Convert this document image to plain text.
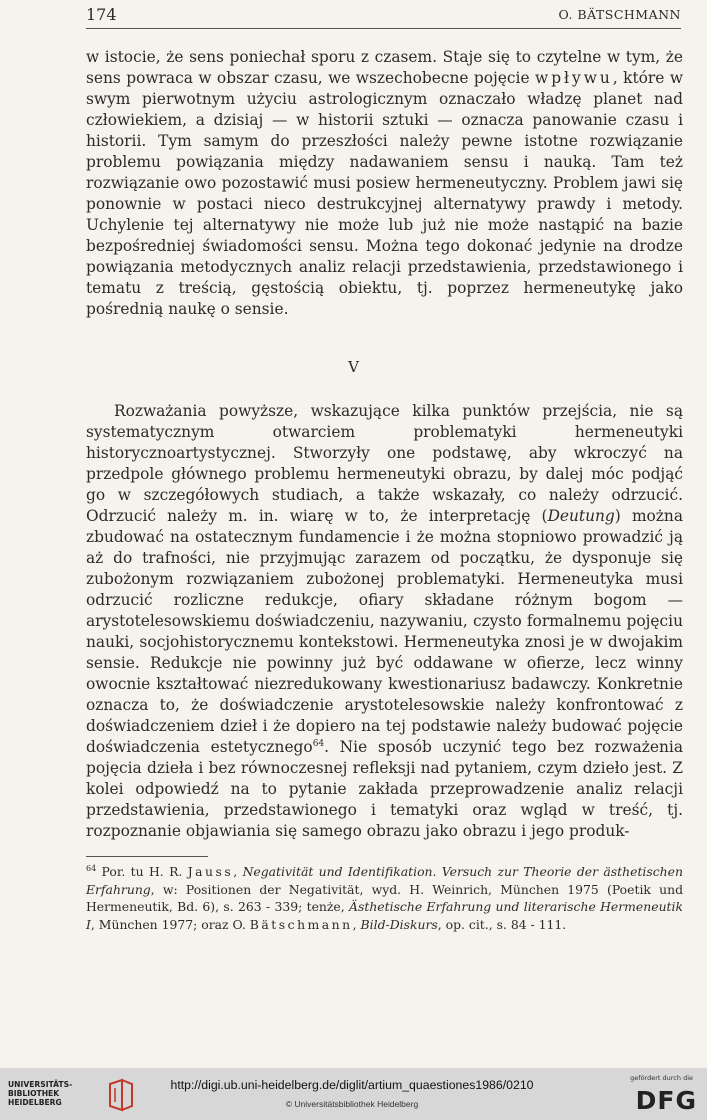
174	O. BÄTSCHMANN
w istocie, że sens poniechał sporu z czasem. Staje się to czytelne w tym, że sens powraca w obszar czasu, we wszechobecne pojęcie wpływu, które w swym pierwotnym użyciu astrologicznym oznaczało władzę planet nad człowiekiem, a dzisiaj — w historii sztuki — oznacza panowanie czasu i historii. Tym samym do przeszłości należy pewne istotne rozwiązanie problemu powiązania między nadawaniem sensu i nauką. Tam też rozwiązanie owo pozostawić musi posiew hermeneutyczny. Problem jawi się ponownie w postaci nieco destrukcyjnej alternatywy prawdy i metody. Uchylenie tej alternatywy nie może lub już nie może nastąpić na bazie bezpośredniej świadomości sensu. Można tego dokonać jedynie na drodze powiązania metodycznych analiz relacji przedstawienia, przedstawionego i tematu z treścią, gęstością obiektu, tj. poprzez hermeneutykę jako pośrednią naukę o sensie.
V
Rozważania powyższe, wskazujące kilka punktów przejścia, nie są systematycznym otwarciem problematyki hermeneutyki historycznoartystycznej. Stworzyły one podstawę, aby wkroczyć na przedpole głównego problemu hermeneutyki obrazu, by dalej móc podjąć go w szczegółowych studiach, a także wskazały, co należy odrzucić. Odrzucić należy m. in. wiarę w to, że interpretację (Deutung) można zbudować na ostatecznym fundamencie i że można stopniowo prowadzić ją aż do trafności, nie przyjmując zarazem od początku, że dysponuje się zubożonym rozwiązaniem zubożonej problematyki. Hermeneutyka musi odrzucić rozliczne redukcje, ofiary składane różnym bogom — arystotelesowskiemu doświadczeniu, nazywaniu, czysto formalnemu pojęciu nauki, socjohistorycznemu kontekstowi. Hermeneutyka znosi je w dwojakim sensie. Redukcje nie powinny już być oddawane w ofierze, lecz winny owocnie kształtować niezredukowany kwestionariusz badawczy. Konkretnie oznacza to, że doświadczenie arystotelesowskie należy konfrontować z doświadczeniem dzieł i że dopiero na tej podstawie należy budować pojęcie doświadczenia estetycznego$^{64}$. Nie sposób uczynić tego bez rozważenia pojęcia dzieła i bez równoczesnej refleksji nad pytaniem, czym dzieło jest. Z kolei odpowiedź na to pytanie zakłada przeprowadzenie analiz relacji przedstawienia, przedstawionego i tematyki oraz wgląd w treść, tj. rozpoznanie objawiania się samego obrazu jako obrazu i jego produk-
$^{64}$ Por. tu H. R. Jauss, Negativität und Identifikation. Versuch zur Theorie der ästhetischen Erfahrung, w: Positionen der Negativität, wyd. H. Weinrich, München 1975 (Poetik und Hermeneutik, Bd. 6), s. 263 - 339; tenże, Ästhetische Erfahrung und literarische Hermeneutik I, München 1977; oraz O. Bätschmann, Bild-Diskurs, op. cit., s. 84 - 111.
UNIVERSITÄTS-
BIBLIOTHEK
HEIDELBERG
http://digi.ub.uni-heidelberg.de/diglit/artium_quaestiones1986/0210
© Universitätsbibliothek Heidelberg
gefördert durch die
DFG
